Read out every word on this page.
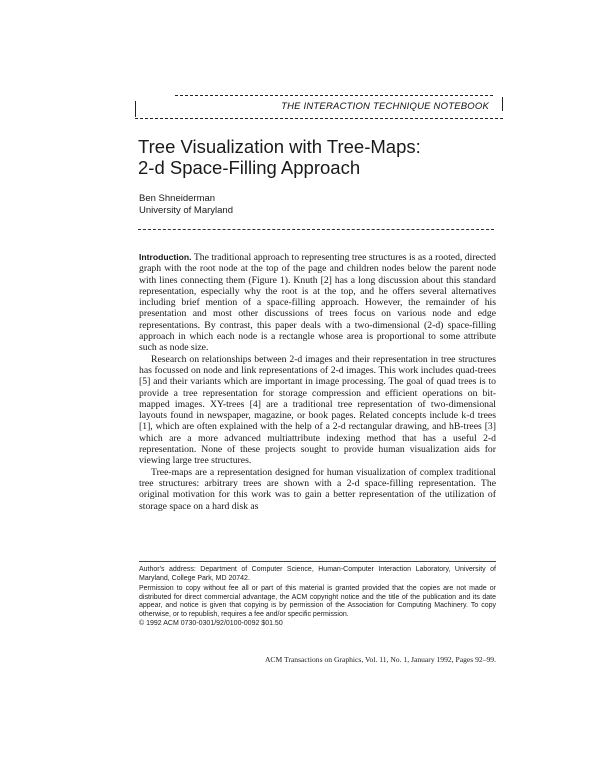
THE INTERACTION TECHNIQUE NOTEBOOK
Tree Visualization with Tree-Maps:
2-d Space-Filling Approach
Ben Shneiderman
University of Maryland

Introduction. The traditional approach to representing tree structures is as a rooted, directed graph with the root node at the top of the page and children nodes below the parent node with lines connecting them (Figure 1). Knuth [2] has a long discussion about this standard representation, especially why the root is at the top, and he offers several alternatives including brief mention of a space-filling approach. However, the remainder of his presentation and most other discussions of trees focus on various node and edge representations. By contrast, this paper deals with a two-dimensional (2-d) space-filling approach in which each node is a rectangle whose area is proportional to some attribute such as node size.

Research on relationships between 2-d images and their representation in tree structures has focussed on node and link representations of 2-d images. This work includes quad-trees [5] and their variants which are important in image processing. The goal of quad trees is to provide a tree representation for storage compression and efficient operations on bit-mapped images. XY-trees [4] are a traditional tree representation of two-dimensional layouts found in newspaper, magazine, or book pages. Related concepts include k-d trees [1], which are often explained with the help of a 2-d rectangular drawing, and hB-trees [3] which are a more advanced multiattribute indexing method that has a useful 2-d representation. None of these projects sought to provide human visualization aids for viewing large tree structures.

Tree-maps are a representation designed for human visualization of complex traditional tree structures: arbitrary trees are shown with a 2-d space-filling representation. The original motivation for this work was to gain a better representation of the utilization of storage space on a hard disk as

Author's address: Department of Computer Science, Human-Computer Interaction Laboratory, University of Maryland, College Park, MD 20742.

Permission to copy without fee all or part of this material is granted provided that the copies are not made or distributed for direct commercial advantage, the ACM copyright notice and the title of the publication and its date appear, and notice is given that copying is by permission of the Association for Computing Machinery. To copy otherwise, or to republish, requires a fee and/or specific permission.

© 1992 ACM 0730-0301/92/0100-0092 $01.50

ACM Transactions on Graphics, Vol. 11, No. 1, January 1992, Pages 92–99.
